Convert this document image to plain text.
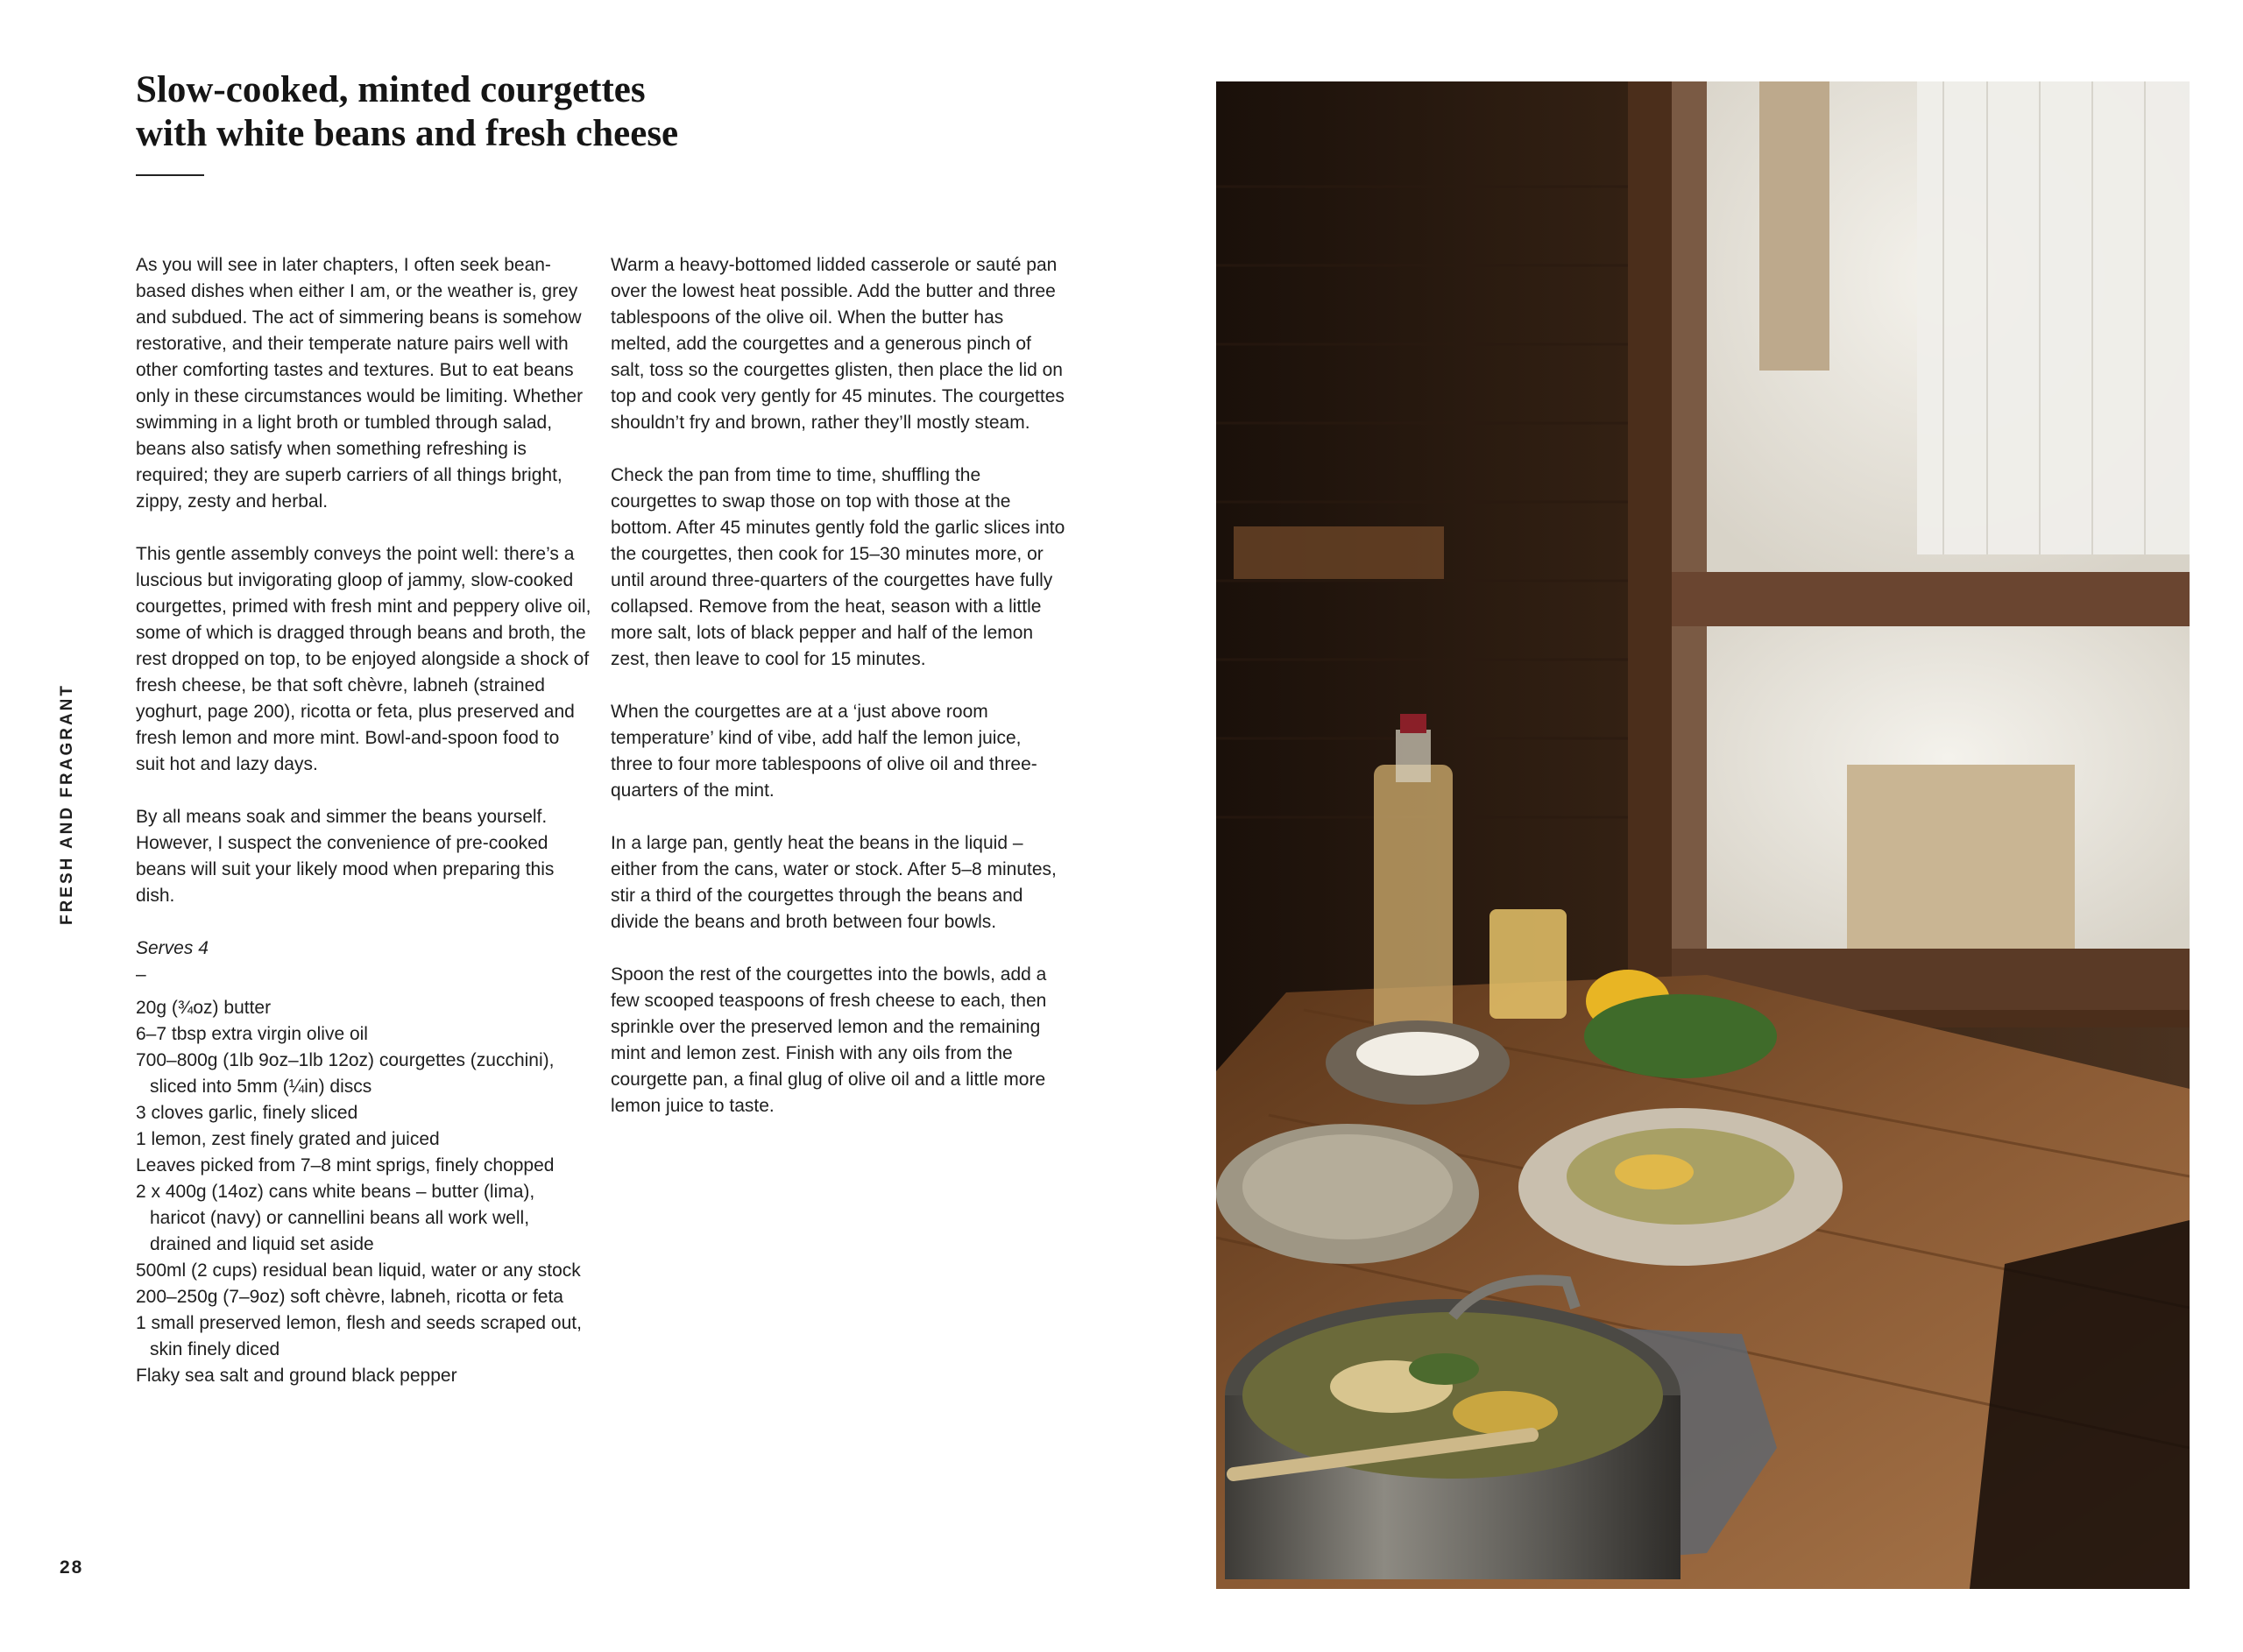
Slow-cooked, minted courgettes
with white beans and fresh cheese

As you will see in later chapters, I often seek bean-based dishes when either I am, or the weather is, grey and subdued. The act of simmering beans is somehow restorative, and their temperate nature pairs well with other comforting tastes and textures. But to eat beans only in these circumstances would be limiting. Whether swimming in a light broth or tumbled through salad, beans also satisfy when something refreshing is required; they are superb carriers of all things bright, zippy, zesty and herbal.

This gentle assembly conveys the point well: there’s a luscious but invigorating gloop of jammy, slow-cooked courgettes, primed with fresh mint and peppery olive oil, some of which is dragged through beans and broth, the rest dropped on top, to be enjoyed alongside a shock of fresh cheese, be that soft chèvre, labneh (strained yoghurt, page 200), ricotta or feta, plus preserved and fresh lemon and more mint. Bowl-and-spoon food to suit hot and lazy days.

By all means soak and simmer the beans yourself. However, I suspect the convenience of pre-cooked beans will suit your likely mood when preparing this dish.

Serves 4

–

20g (¾oz) butter
6–7 tbsp extra virgin olive oil
700–800g (1lb 9oz–1lb 12oz) courgettes (zucchini), sliced into 5mm (¼in) discs
3 cloves garlic, finely sliced
1 lemon, zest finely grated and juiced
Leaves picked from 7–8 mint sprigs, finely chopped
2 x 400g (14oz) cans white beans – butter (lima), haricot (navy) or cannellini beans all work well, drained and liquid set aside
500ml (2 cups) residual bean liquid, water or any stock
200–250g (7–9oz) soft chèvre, labneh, ricotta or feta
1 small preserved lemon, flesh and seeds scraped out, skin finely diced
Flaky sea salt and ground black pepper

Warm a heavy-bottomed lidded casserole or sauté pan over the lowest heat possible. Add the butter and three tablespoons of the olive oil. When the butter has melted, add the courgettes and a generous pinch of salt, toss so the courgettes glisten, then place the lid on top and cook very gently for 45 minutes. The courgettes shouldn’t fry and brown, rather they’ll mostly steam.

Check the pan from time to time, shuffling the courgettes to swap those on top with those at the bottom. After 45 minutes gently fold the garlic slices into the courgettes, then cook for 15–30 minutes more, or until around three-quarters of the courgettes have fully collapsed. Remove from the heat, season with a little more salt, lots of black pepper and half of the lemon zest, then leave to cool for 15 minutes.

When the courgettes are at a ‘just above room temperature’ kind of vibe, add half the lemon juice, three to four more tablespoons of olive oil and three-quarters of the mint.

In a large pan, gently heat the beans in the liquid – either from the cans, water or stock. After 5–8 minutes, stir a third of the courgettes through the beans and divide the beans and broth between four bowls.

Spoon the rest of the courgettes into the bowls, add a few scooped teaspoons of fresh cheese to each, then sprinkle over the preserved lemon and the remaining mint and lemon zest. Finish with any oils from the courgette pan, a final glug of olive oil and a little more lemon juice to taste.

FRESH AND FRAGRANT
28
